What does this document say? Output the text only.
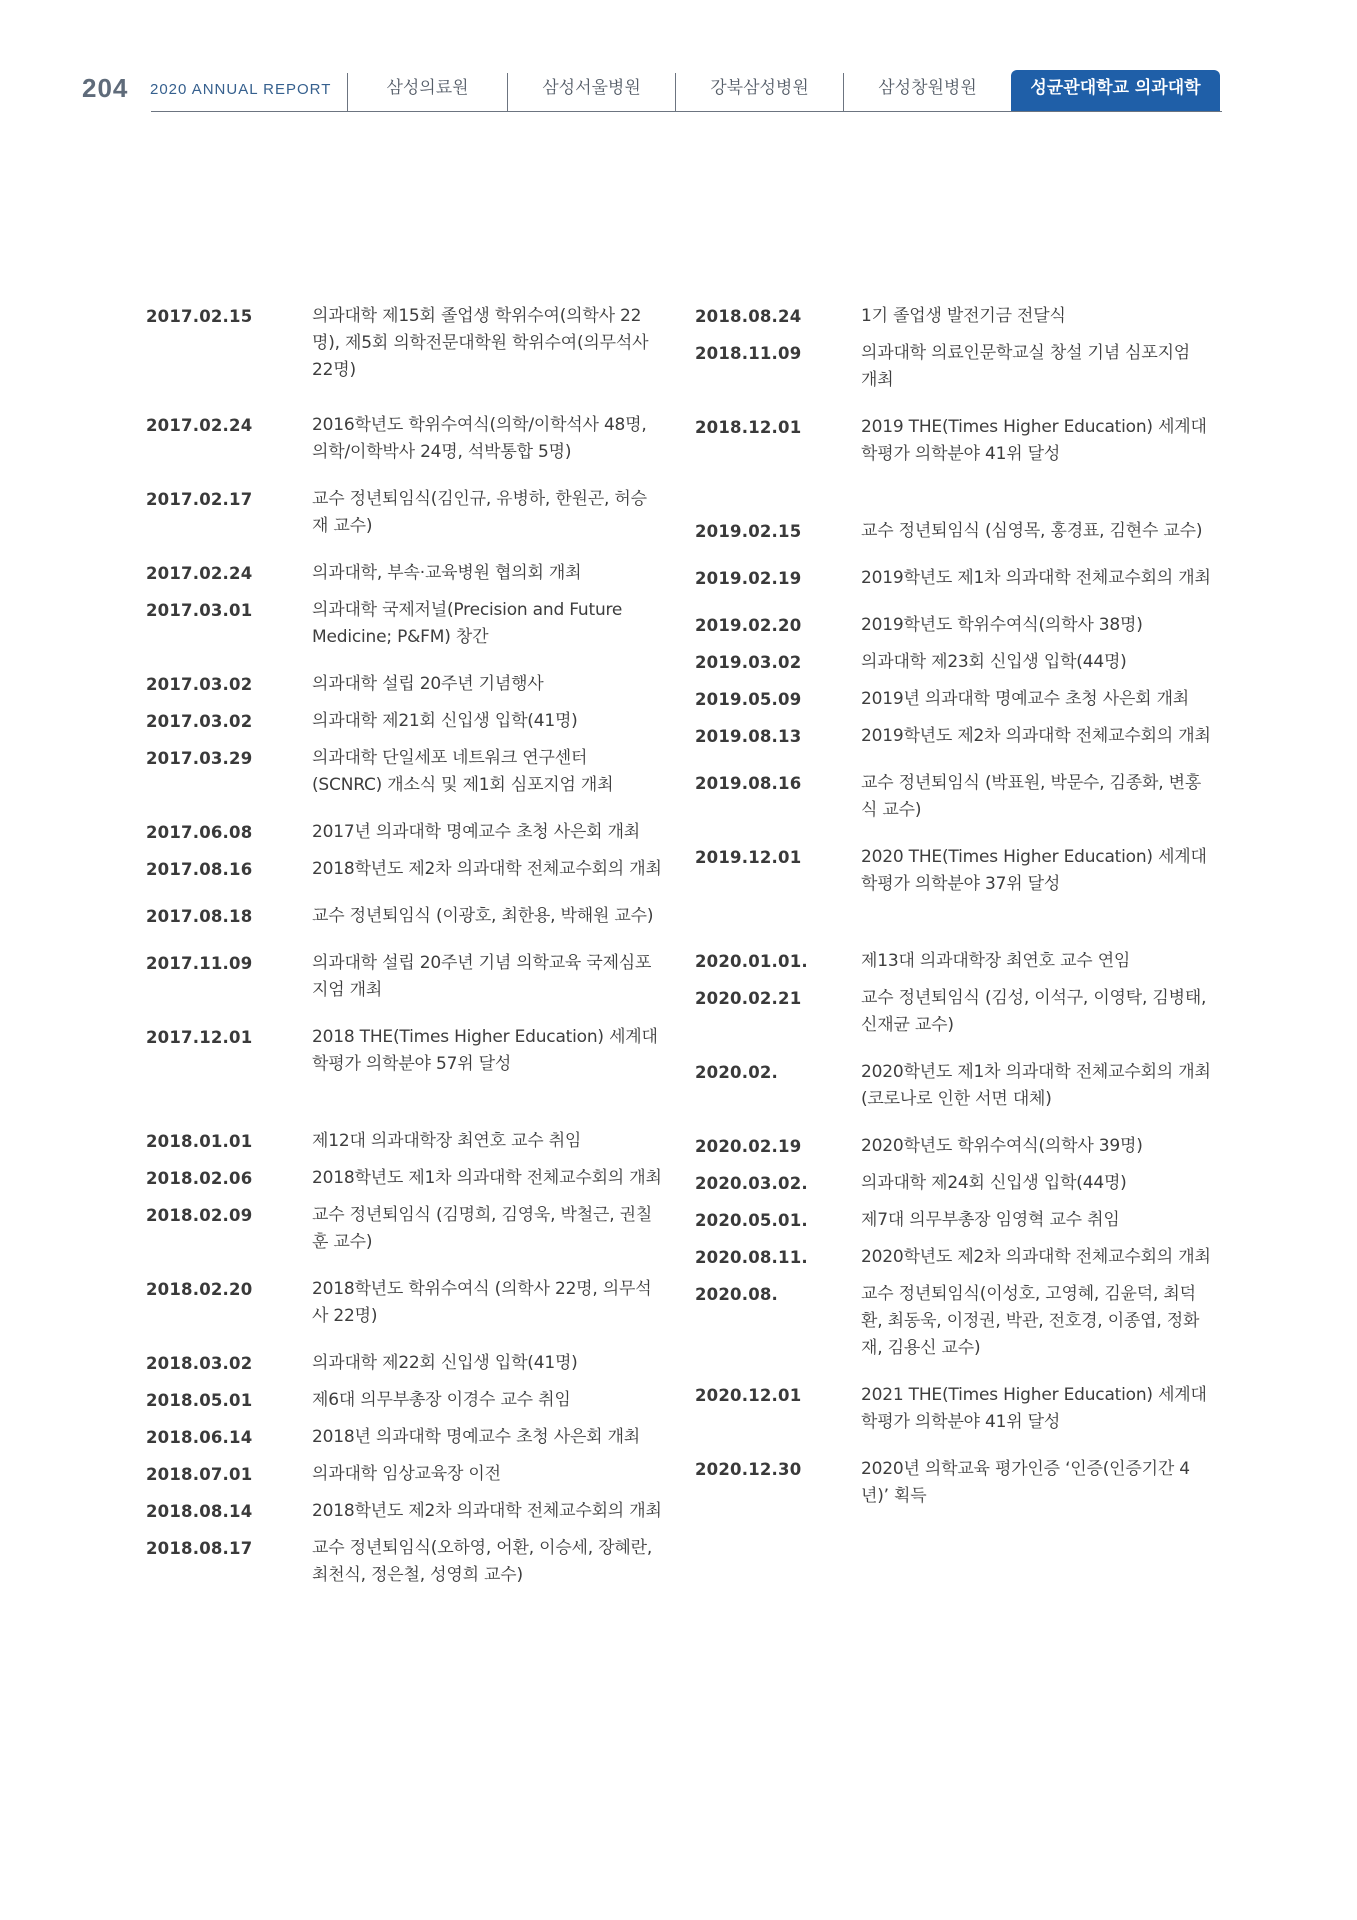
204 2020 ANNUAL REPORT	삼성의료원	삼성서울병원	강북삼성병원	삼성창원병원	성균관대학교 의과대학
2017.02.15	의과대학 제15회 졸업생 학위수여(의학사 22명), 제5회 의학전문대학원 학위수여(의무석사 22명)
2017.02.24	2016학년도 학위수여식(의학/이학석사 48명, 의학/이학박사 24명, 석박통합 5명)
2017.02.17	교수 정년퇴임식(김인규, 유병하, 한원곤, 허승재 교수)
2017.02.24	의과대학, 부속·교육병원 협의회 개최
2017.03.01	의과대학 국제저널(Precision and Future Medicine; P&FM) 창간
2017.03.02	의과대학 설립 20주년 기념행사
2017.03.02	의과대학 제21회 신입생 입학(41명)
2017.03.29	의과대학 단일세포 네트워크 연구센터 (SCNRC) 개소식 및 제1회 심포지엄 개최
2017.06.08	2017년 의과대학 명예교수 초청 사은회 개최
2017.08.16	2018학년도 제2차 의과대학 전체교수회의 개최
2017.08.18	교수 정년퇴임식 (이광호, 최한용, 박해원 교수)
2017.11.09	의과대학 설립 20주년 기념 의학교육 국제심포지엄 개최
2017.12.01	2018 THE(Times Higher Education) 세계대학평가 의학분야 57위 달성
2018.01.01	제12대 의과대학장 최연호 교수 취임
2018.02.06	2018학년도 제1차 의과대학 전체교수회의 개최
2018.02.09	교수 정년퇴임식 (김명희, 김영욱, 박철근, 권칠훈 교수)
2018.02.20	2018학년도 학위수여식 (의학사 22명, 의무석사 22명)
2018.03.02	의과대학 제22회 신입생 입학(41명)
2018.05.01	제6대 의무부총장 이경수 교수 취임
2018.06.14	2018년 의과대학 명예교수 초청 사은회 개최
2018.07.01	의과대학 임상교육장 이전
2018.08.14	2018학년도 제2차 의과대학 전체교수회의 개최
2018.08.17	교수 정년퇴임식(오하영, 어환, 이승세, 장혜란, 최천식, 정은철, 성영희 교수)
2018.08.24	1기 졸업생 발전기금 전달식
2018.11.09	의과대학 의료인문학교실 창설 기념 심포지엄 개최
2018.12.01	2019 THE(Times Higher Education) 세계대학평가 의학분야 41위 달성
2019.02.15	교수 정년퇴임식 (심영목, 홍경표, 김현수 교수)
2019.02.19	2019학년도 제1차 의과대학 전체교수회의 개최
2019.02.20	2019학년도 학위수여식(의학사 38명)
2019.03.02	의과대학 제23회 신입생 입학(44명)
2019.05.09	2019년 의과대학 명예교수 초청 사은회 개최
2019.08.13	2019학년도 제2차 의과대학 전체교수회의 개최
2019.08.16	교수 정년퇴임식 (박표원, 박문수, 김종화, 변홍식 교수)
2019.12.01	2020 THE(Times Higher Education) 세계대학평가 의학분야 37위 달성
2020.01.01.	제13대 의과대학장 최연호 교수 연임
2020.02.21	교수 정년퇴임식 (김성, 이석구, 이영탁, 김병태, 신재균 교수)
2020.02.	2020학년도 제1차 의과대학 전체교수회의 개최(코로나로 인한 서면 대체)
2020.02.19	2020학년도 학위수여식(의학사 39명)
2020.03.02.	의과대학 제24회 신입생 입학(44명)
2020.05.01.	제7대 의무부총장 임영혁 교수 취임
2020.08.11.	2020학년도 제2차 의과대학 전체교수회의 개최
2020.08.	교수 정년퇴임식(이성호, 고영혜, 김윤덕, 최덕환, 최동욱, 이정권, 박관, 전호경, 이종엽, 정화재, 김용신 교수)
2020.12.01	2021 THE(Times Higher Education) 세계대학평가 의학분야 41위 달성
2020.12.30	2020년 의학교육 평가인증 ‘인증(인증기간 4년)’ 획득
